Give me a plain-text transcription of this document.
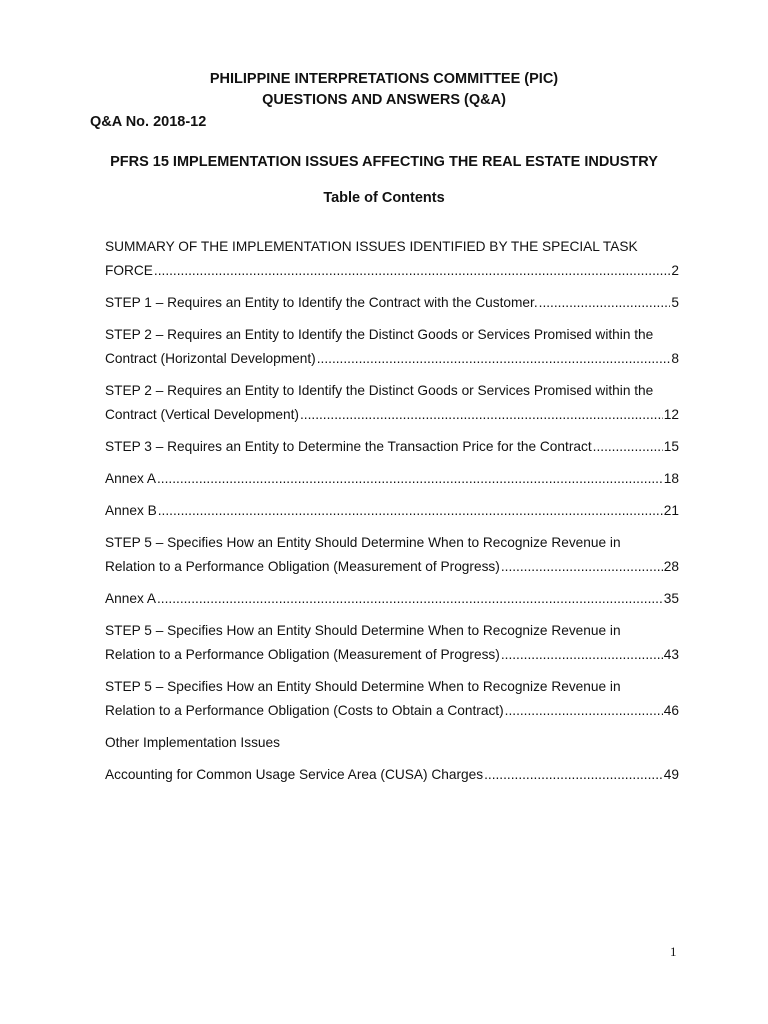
PHILIPPINE INTERPRETATIONS COMMITTEE (PIC)
QUESTIONS AND ANSWERS (Q&A)
Q&A No. 2018-12
PFRS 15 IMPLEMENTATION ISSUES AFFECTING THE REAL ESTATE INDUSTRY
Table of Contents
SUMMARY OF THE IMPLEMENTATION ISSUES IDENTIFIED BY THE SPECIAL TASK
FORCE .....	2
STEP 1 – Requires an Entity to Identify the Contract with the Customer. .....	5
STEP 2 – Requires an Entity to Identify the Distinct Goods or Services Promised within the
Contract (Horizontal Development) .....	8
STEP 2 – Requires an Entity to Identify the Distinct Goods or Services Promised within the
Contract (Vertical Development) .....	12
STEP 3 – Requires an Entity to Determine the Transaction Price for the Contract .....	15
Annex A .....	18
Annex B .....	21
STEP 5 – Specifies How an Entity Should Determine When to Recognize Revenue in
Relation to a Performance Obligation (Measurement of Progress) .....	28
Annex A .....	35
STEP 5 – Specifies How an Entity Should Determine When to Recognize Revenue in
Relation to a Performance Obligation (Measurement of Progress) .....	43
STEP 5 – Specifies How an Entity Should Determine When to Recognize Revenue in
Relation to a Performance Obligation (Costs to Obtain a Contract) .....	46
Other Implementation Issues
Accounting for Common Usage Service Area (CUSA) Charges .....	49
1
